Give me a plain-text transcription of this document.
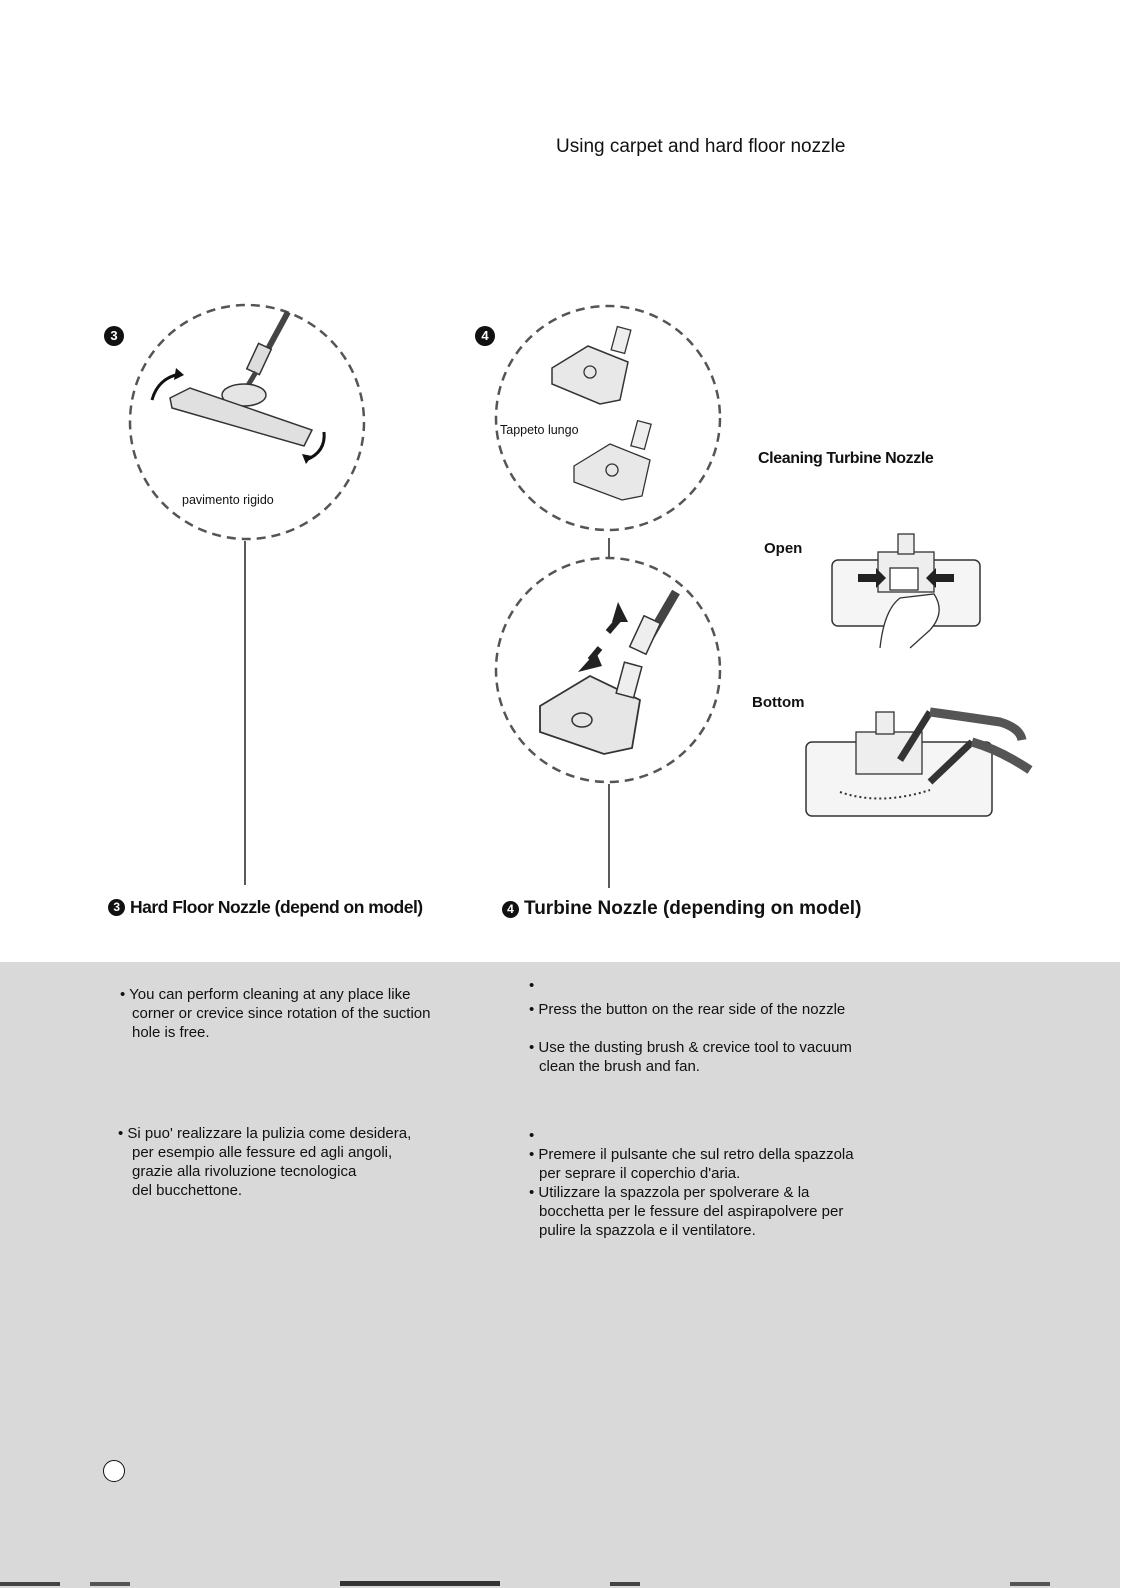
Using carpet and hard floor nozzle
3	4
pavimento rigido
Tappeto lungo
Cleaning Turbine Nozzle
Open
Bottom
3 Hard Floor Nozzle (depend on model)	4 Turbine Nozzle (depending on model)
• You can perform cleaning at any place like
corner or crevice since rotation of the suction
hole is free.
•
• Press the button on the rear side of the nozzle
• Use the dusting brush & crevice tool to vacuum
clean the brush and fan.
• Si puo' realizzare la pulizia come desidera,
per esempio alle fessure ed agli angoli,
grazie alla rivoluzione tecnologica
del bucchettone.
•
• Premere il pulsante che sul retro della spazzola
per seprare il coperchio d'aria.
• Utilizzare la spazzola per spolverare & la
bocchetta per le fessure del aspirapolvere per
pulire la spazzola e il ventilatore.
